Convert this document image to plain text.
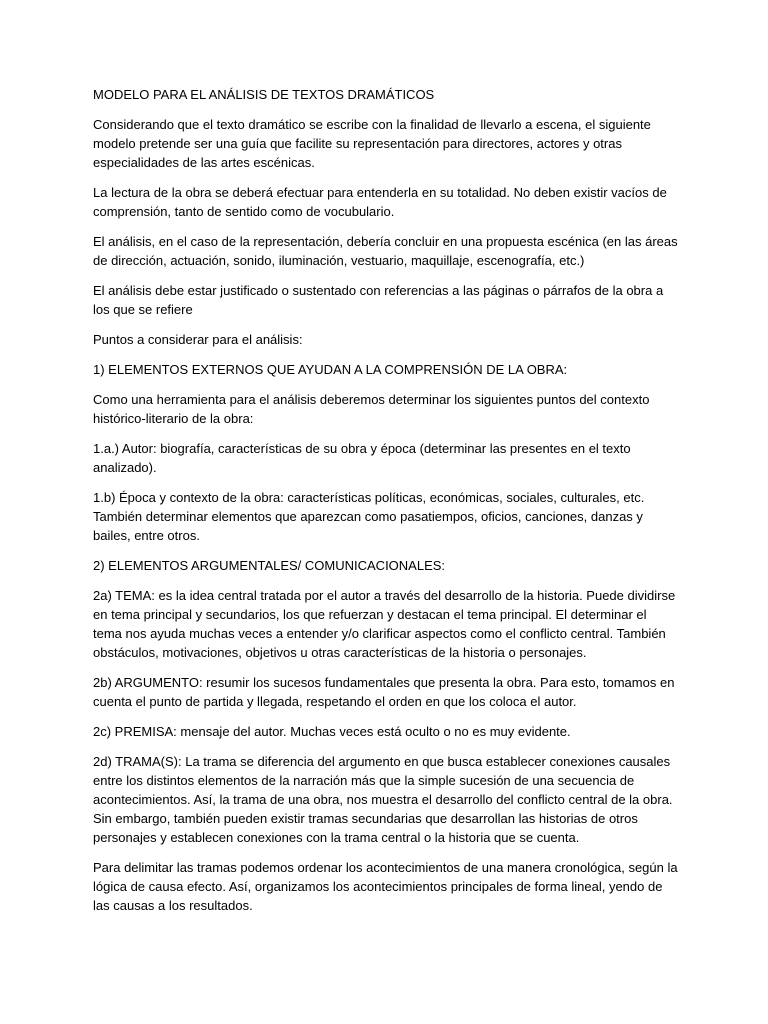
MODELO PARA EL ANÁLISIS DE TEXTOS DRAMÁTICOS

Considerando que el texto dramático se escribe con la finalidad de llevarlo a escena, el siguiente modelo pretende ser una guía que facilite su representación para directores, actores y otras especialidades de las artes escénicas.

La lectura de la obra se deberá efectuar para entenderla en su totalidad. No deben existir vacíos de comprensión, tanto de sentido como de vocubulario.

El análisis, en el caso de la representación, debería concluir en una propuesta escénica (en las áreas de dirección, actuación, sonido, iluminación, vestuario, maquillaje, escenografía, etc.)

El análisis debe estar justificado o sustentado con referencias a las páginas o párrafos de la obra a los que se refiere

Puntos a considerar para el análisis:

1) ELEMENTOS EXTERNOS QUE AYUDAN A LA COMPRENSIÓN DE LA OBRA:

Como una herramienta para el análisis deberemos determinar los siguientes puntos del contexto histórico-literario de la obra:

1.a.) Autor: biografía, características de su obra y época (determinar las presentes en el texto analizado).

1.b) Época y contexto de la obra: características políticas, económicas, sociales, culturales, etc. También determinar elementos que aparezcan como pasatiempos, oficios, canciones, danzas y bailes, entre otros.

2) ELEMENTOS ARGUMENTALES/ COMUNICACIONALES:

2a) TEMA: es la idea central tratada por el autor a través del desarrollo de la historia. Puede dividirse en tema principal y secundarios, los que refuerzan y destacan el tema principal. El determinar el tema nos ayuda muchas veces a entender y/o clarificar aspectos como el conflicto central. También obstáculos, motivaciones, objetivos u otras características de la historia o personajes.

2b) ARGUMENTO: resumir los sucesos fundamentales que presenta la obra. Para esto, tomamos en cuenta el punto de partida y llegada, respetando el orden en que los coloca el autor.

2c) PREMISA: mensaje del autor. Muchas veces está oculto o no es muy evidente.

2d) TRAMA(S): La trama se diferencia del argumento en que busca establecer conexiones causales entre los distintos elementos de la narración más que la simple sucesión de una secuencia de acontecimientos. Así, la trama de una obra, nos muestra el desarrollo del conflicto central de la obra. Sin embargo, también pueden existir tramas secundarias que desarrollan las historias de otros personajes y establecen conexiones con la trama central o la historia que se cuenta.

Para delimitar las tramas podemos ordenar los acontecimientos de una manera cronológica, según la lógica de causa efecto. Así, organizamos los acontecimientos principales de forma lineal, yendo de las causas a los resultados.
